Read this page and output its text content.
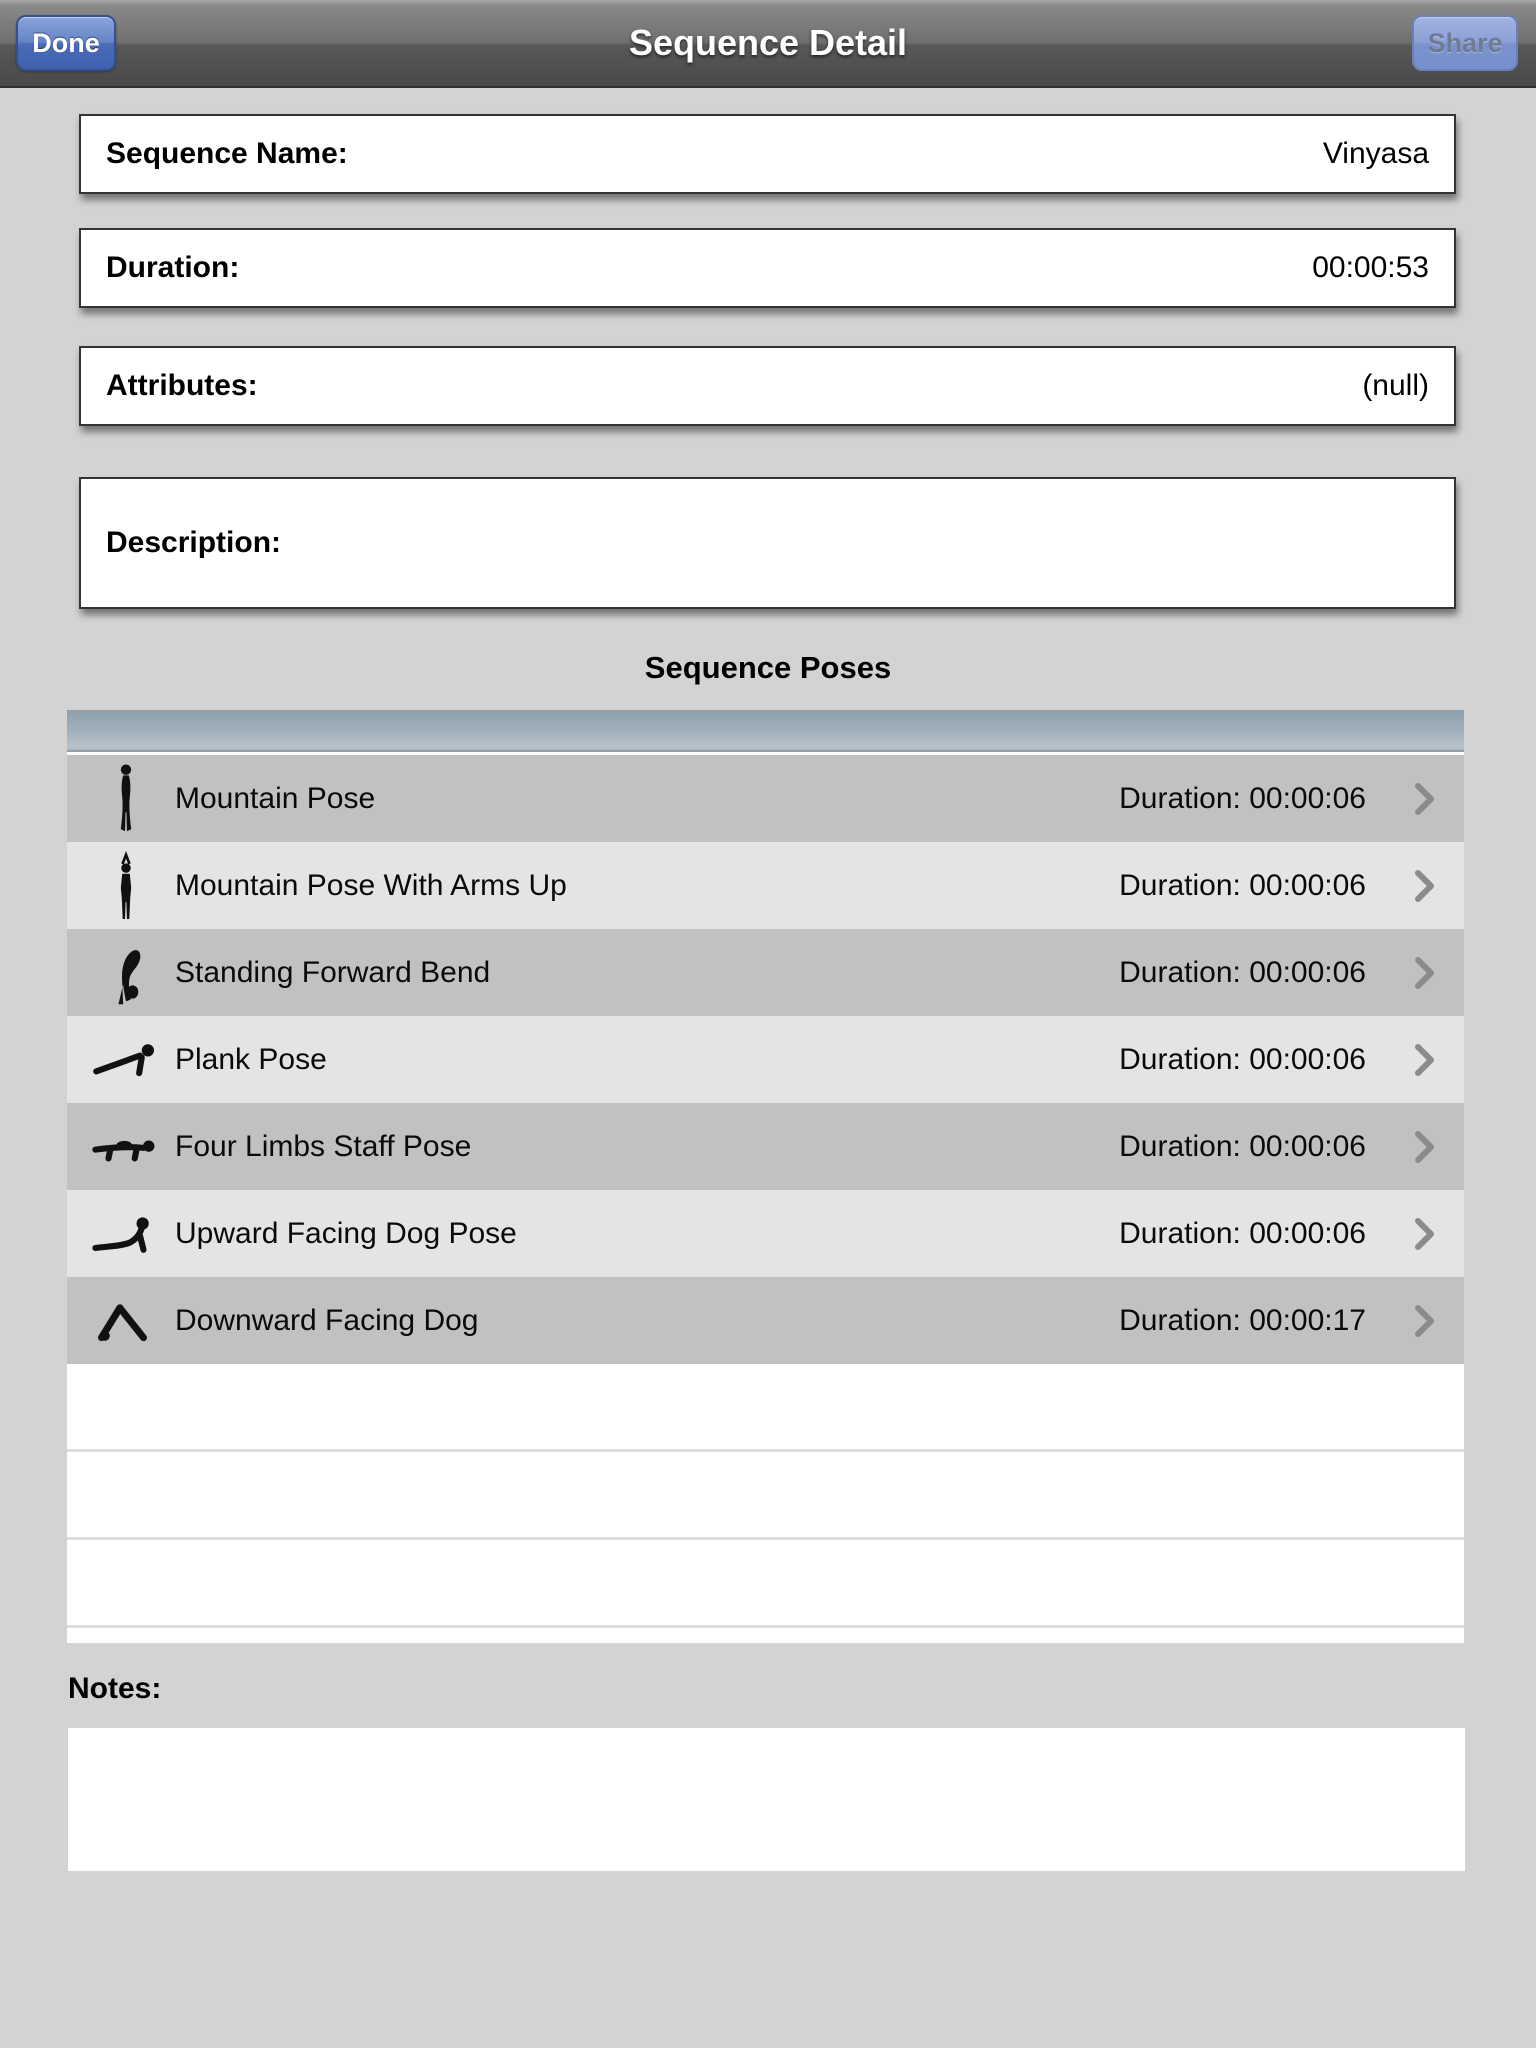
Sequence Detail
Done	Share
Sequence Name:	Vinyasa
Duration:	00:00:53
Attributes:	(null)
Description:
Sequence Poses
Mountain Pose	Duration: 00:00:06
Mountain Pose With Arms Up	Duration: 00:00:06
Standing Forward Bend	Duration: 00:00:06
Plank Pose	Duration: 00:00:06
Four Limbs Staff Pose	Duration: 00:00:06
Upward Facing Dog Pose	Duration: 00:00:06
Downward Facing Dog	Duration: 00:00:17
Notes:
